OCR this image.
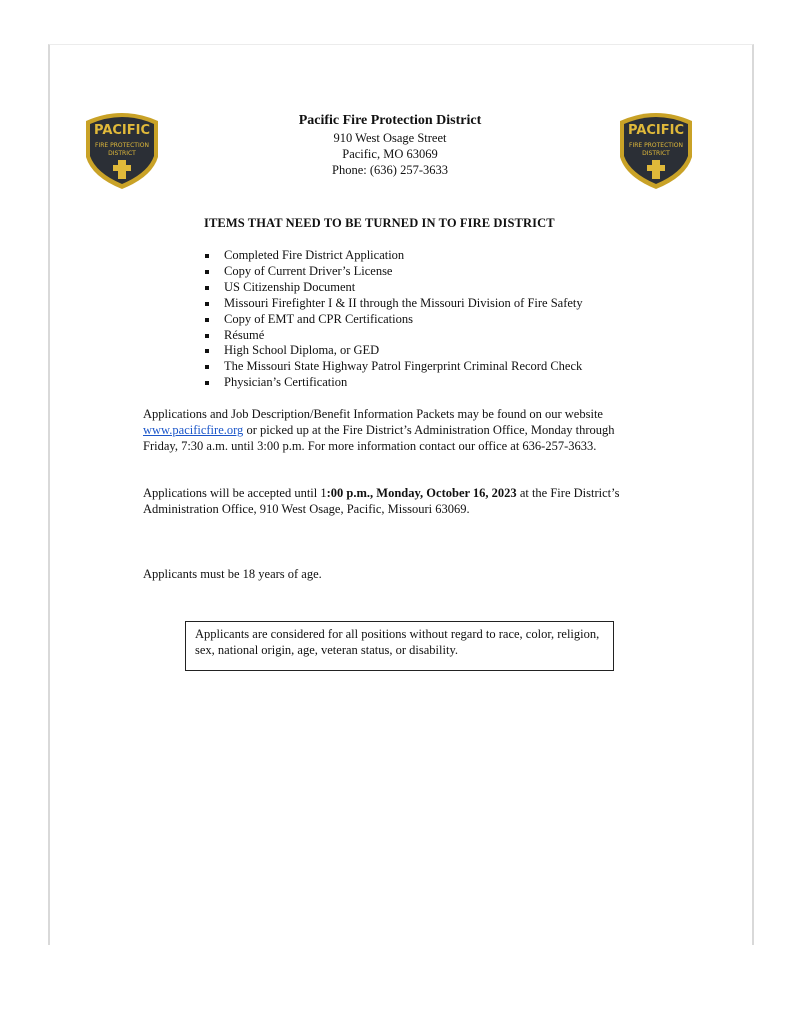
PACIFIC
FIRE PROTECTION
DISTRICT
PACIFIC
FIRE PROTECTION
DISTRICT
Pacific Fire Protection District
910 West Osage Street
Pacific, MO 63069
Phone: (636) 257-3633
ITEMS THAT NEED TO BE TURNED IN TO FIRE DISTRICT
Completed Fire District Application
Copy of Current Driver’s License
US Citizenship Document
Missouri Firefighter I & II through the Missouri Division of Fire Safety
Copy of EMT and CPR Certifications
Résumé
High School Diploma, or GED
The Missouri State Highway Patrol Fingerprint Criminal Record Check
Physician’s Certification
Applications and Job Description/Benefit Information Packets may be found on our website www.pacificfire.org or picked up at the Fire District’s Administration Office, Monday through Friday, 7:30 a.m. until 3:00 p.m. For more information contact our office at 636-257-3633.
Applications will be accepted until 1:00 p.m., Monday, October 16, 2023 at the Fire District’s Administration Office, 910 West Osage, Pacific, Missouri 63069.
Applicants must be 18 years of age.
Applicants are considered for all positions without regard to race, color, religion, sex, national origin, age, veteran status, or disability.
